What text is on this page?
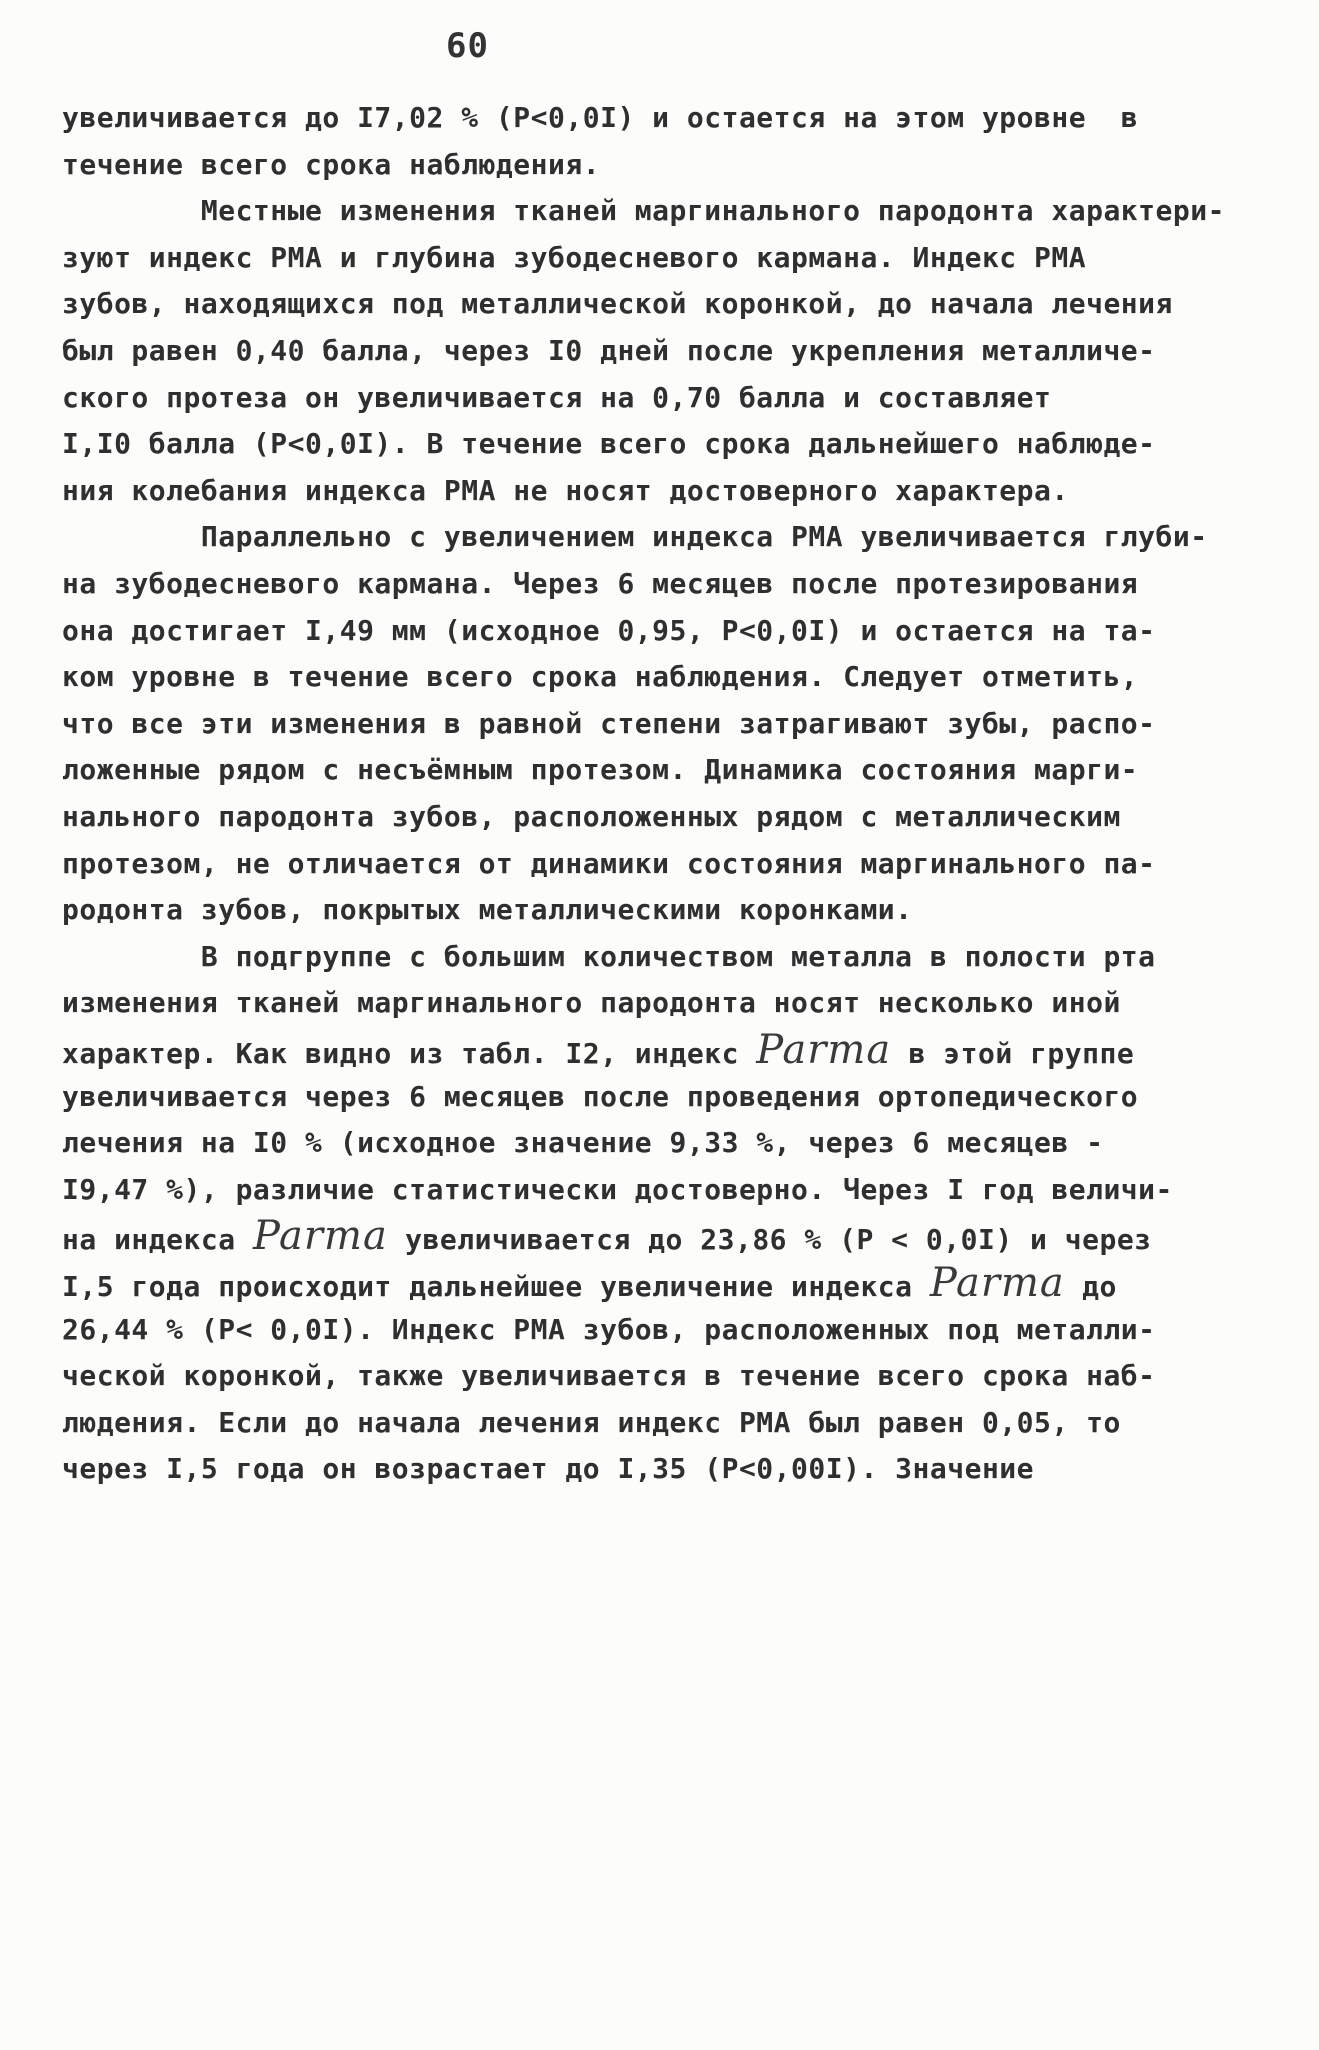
60
увеличивается до I7,02 % (P<0,0I) и остается на этом уровне  в
течение всего срока наблюдения.
Местные изменения тканей маргинального пародонта характери-
зуют индекс PMA и глубина зубодесневого кармана. Индекс PMA
зубов, находящихся под металлической коронкой, до начала лечения
был равен 0,40 балла, через I0 дней после укрепления металличе-
ского протеза он увеличивается на 0,70 балла и составляет
I,I0 балла (P<0,0I). В течение всего срока дальнейшего наблюде-
ния колебания индекса PMA не носят достоверного характера.
Параллельно с увеличением индекса PMA увеличивается глуби-
на зубодесневого кармана. Через 6 месяцев после протезирования
она достигает I,49 мм (исходное 0,95, P<0,0I) и остается на та-
ком уровне в течение всего срока наблюдения. Следует отметить,
что все эти изменения в равной степени затрагивают зубы, распо-
ложенные рядом с несъёмным протезом. Динамика состояния марги-
нального пародонта зубов, расположенных рядом с металлическим
протезом, не отличается от динамики состояния маргинального па-
родонта зубов, покрытых металлическими коронками.
В подгруппе с большим количеством металла в полости рта
изменения тканей маргинального пародонта носят несколько иной
характер. Как видно из табл. I2, индекс Parma в этой группе
увеличивается через 6 месяцев после проведения ортопедического
лечения на I0 % (исходное значение 9,33 %, через 6 месяцев -
I9,47 %), различие статистически достоверно. Через I год величи-
на индекса Parma увеличивается до 23,86 % (P < 0,0I) и через
I,5 года происходит дальнейшее увеличение индекса Parma до
26,44 % (P< 0,0I). Индекс PMA зубов, расположенных под металли-
ческой коронкой, также увеличивается в течение всего срока наб-
людения. Если до начала лечения индекс PMA был равен 0,05, то
через I,5 года он возрастает до I,35 (P<0,00I). Значение
